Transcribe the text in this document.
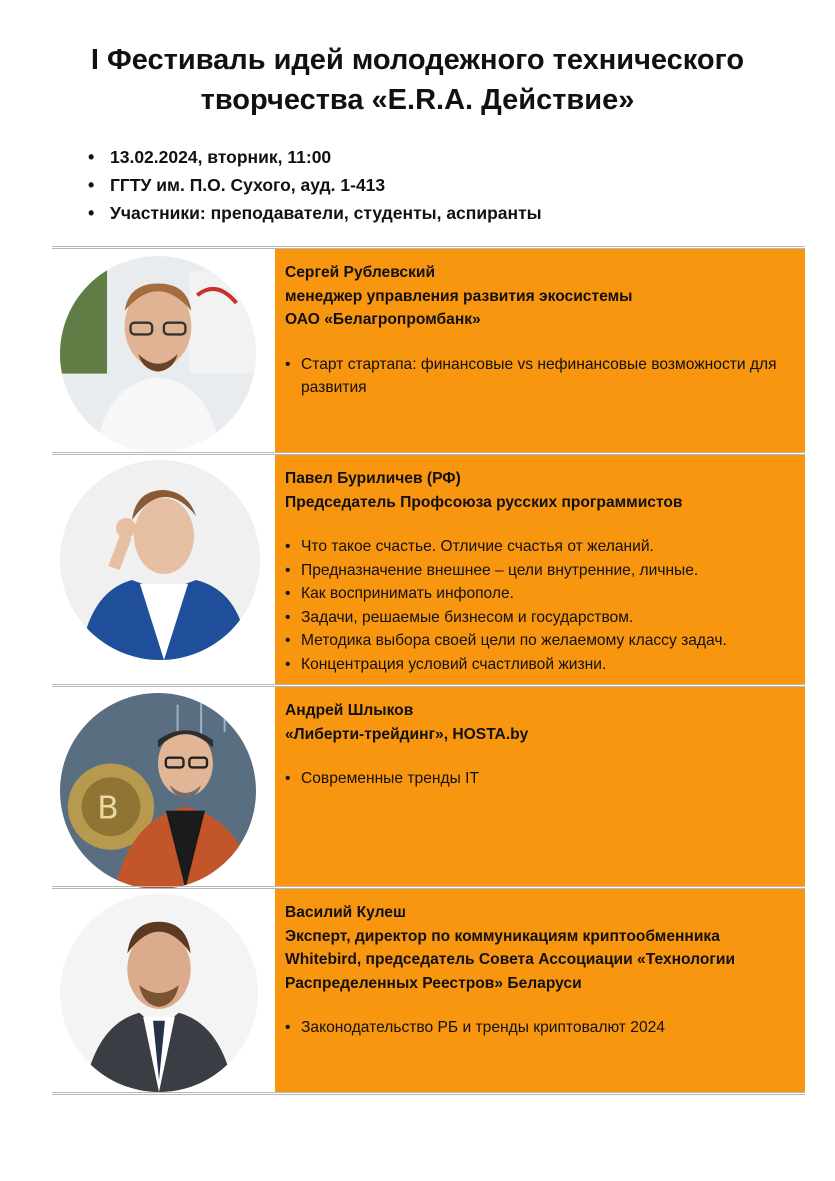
I Фестиваль идей молодежного технического
творчества «E.R.A. Действие»
• 13.02.2024, вторник, 11:00
• ГГТУ им. П.О. Сухого, ауд. 1-413
• Участники: преподаватели, студенты, аспиранты
Сергей Рублевский
менеджер управления развития экосистемы
ОАО «Белагропромбанк»
• Старт стартапа: финансовые vs нефинансовые возможности для развития
Павел Буриличев (РФ)
Председатель Профсоюза русских программистов
• Что такое счастье. Отличие счастья от желаний.
• Предназначение внешнее – цели внутренние, личные.
• Как воспринимать инфополе.
• Задачи, решаемые бизнесом и государством.
• Методика выбора своей цели по желаемому классу задач.
• Концентрация условий счастливой жизни.
B
Андрей Шлыков
«Либерти-трейдинг», HOSTA.by
• Современные тренды IT
Василий Кулеш
Эксперт, директор по коммуникациям криптообменника
Whitebird, председатель Совета Ассоциации «Технологии
Распределенных Реестров» Беларуси
• Законодательство РБ и тренды криптовалют 2024
